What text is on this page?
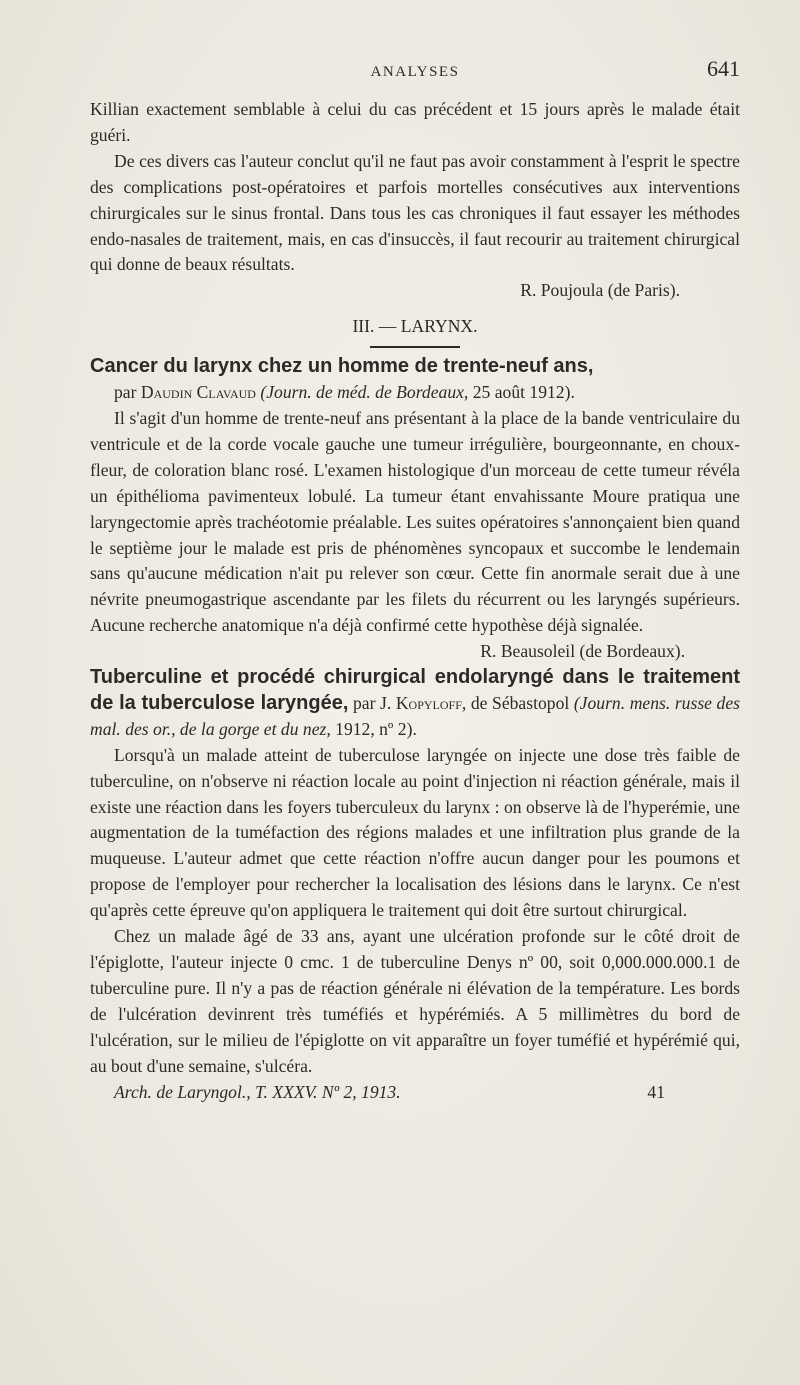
ANALYSES	641

Killian exactement semblable à celui du cas précédent et 15 jours après le malade était guéri.

De ces divers cas l'auteur conclut qu'il ne faut pas avoir constamment à l'esprit le spectre des complications post-opératoires et parfois mortelles consécutives aux interventions chirurgicales sur le sinus frontal. Dans tous les cas chroniques il faut essayer les méthodes endo-nasales de traitement, mais, en cas d'insuccès, il faut recourir au traitement chirurgical qui donne de beaux résultats.

R. Poujoula (de Paris).

III. — LARYNX.

Cancer du larynx chez un homme de trente-neuf ans,

par Daudin Clavaud (Journ. de méd. de Bordeaux, 25 août 1912).

Il s'agit d'un homme de trente-neuf ans présentant à la place de la bande ventriculaire du ventricule et de la corde vocale gauche une tumeur irrégulière, bourgeonnante, en choux-fleur, de coloration blanc rosé. L'examen histologique d'un morceau de cette tumeur révéla un épithélioma pavimenteux lobulé. La tumeur étant envahissante Moure pratiqua une laryngectomie après trachéotomie préalable. Les suites opératoires s'annonçaient bien quand le septième jour le malade est pris de phénomènes syncopaux et succombe le lendemain sans qu'aucune médication n'ait pu relever son cœur. Cette fin anormale serait due à une névrite pneumogastrique ascendante par les filets du récurrent ou les laryngés supérieurs. Aucune recherche anatomique n'a déjà confirmé cette hypothèse déjà signalée.

R. Beausoleil (de Bordeaux).

Tuberculine et procédé chirurgical endolaryngé dans le traitement de la tuberculose laryngée, par J. Kopyloff, de Sébastopol (Journ. mens. russe des mal. des or., de la gorge et du nez, 1912, nº 2).

Lorsqu'à un malade atteint de tuberculose laryngée on injecte une dose très faible de tuberculine, on n'observe ni réaction locale au point d'injection ni réaction générale, mais il existe une réaction dans les foyers tuberculeux du larynx : on observe là de l'hyperémie, une augmentation de la tuméfaction des régions malades et une infiltration plus grande de la muqueuse. L'auteur admet que cette réaction n'offre aucun danger pour les poumons et propose de l'employer pour rechercher la localisation des lésions dans le larynx. Ce n'est qu'après cette épreuve qu'on appliquera le traitement qui doit être surtout chirurgical.

Chez un malade âgé de 33 ans, ayant une ulcération profonde sur le côté droit de l'épiglotte, l'auteur injecte 0 cmc. 1 de tuberculine Denys nº 00, soit 0,000.000.000.1 de tuberculine pure. Il n'y a pas de réaction générale ni élévation de la température. Les bords de l'ulcération devinrent très tuméfiés et hypérémiés. A 5 millimètres du bord de l'ulcération, sur le milieu de l'épiglotte on vit apparaître un foyer tuméfié et hypérémié qui, au bout d'une semaine, s'ulcéra.

Arch. de Laryngol., T. XXXV. Nº 2, 1913.	41
